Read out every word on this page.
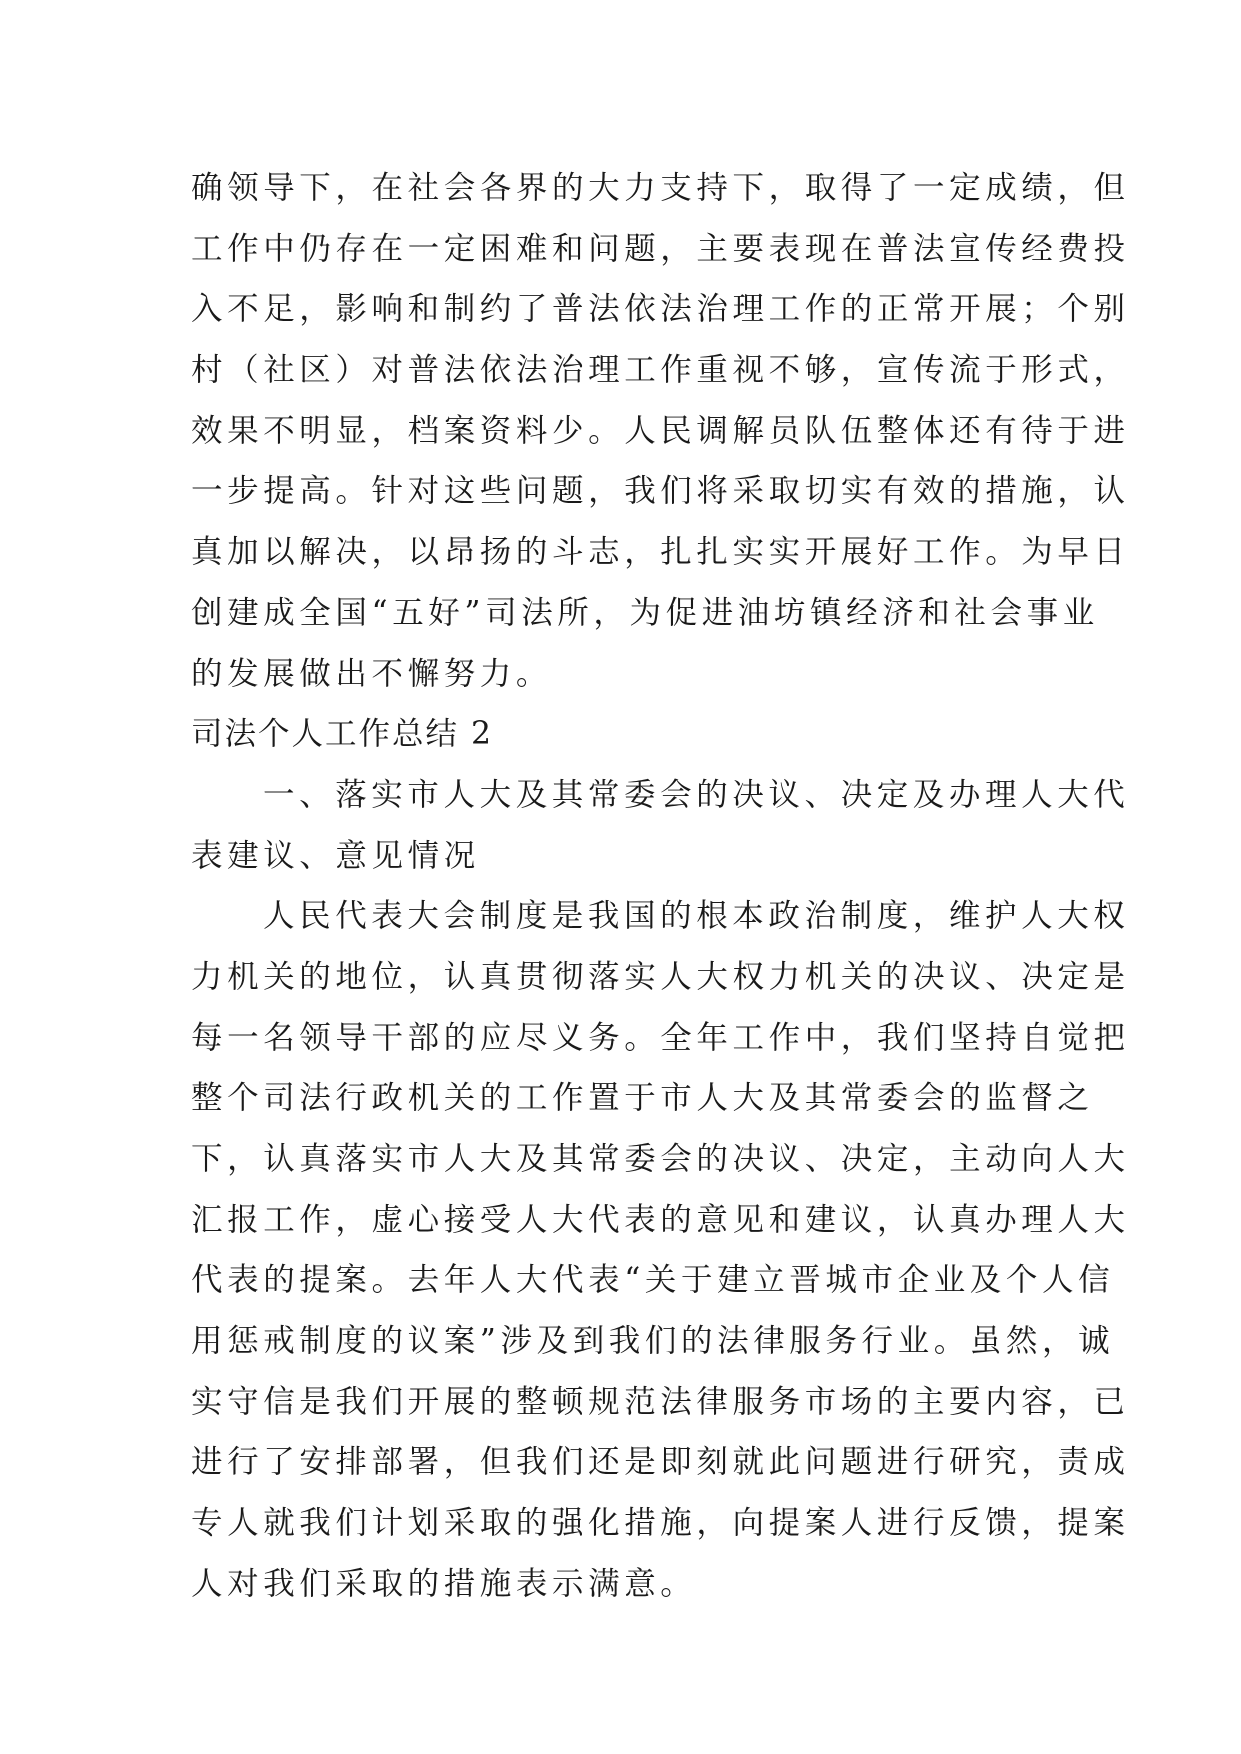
确领导下，在社会各界的大力支持下，取得了一定成绩，但
工作中仍存在一定困难和问题，主要表现在普法宣传经费投
入不足，影响和制约了普法依法治理工作的正常开展；个别
村（社区）对普法依法治理工作重视不够，宣传流于形式，
效果不明显，档案资料少。人民调解员队伍整体还有待于进
一步提高。针对这些问题，我们将采取切实有效的措施，认
真加以解决，以昂扬的斗志，扎扎实实开展好工作。为早日
创建成全国“五好”司法所，为促进油坊镇经济和社会事业
的发展做出不懈努力。
司法个人工作总结 2
一、落实市人大及其常委会的决议、决定及办理人大代
表建议、意见情况
人民代表大会制度是我国的根本政治制度，维护人大权
力机关的地位，认真贯彻落实人大权力机关的决议、决定是
每一名领导干部的应尽义务。全年工作中，我们坚持自觉把
整个司法行政机关的工作置于市人大及其常委会的监督之
下，认真落实市人大及其常委会的决议、决定，主动向人大
汇报工作，虚心接受人大代表的意见和建议，认真办理人大
代表的提案。去年人大代表“关于建立晋城市企业及个人信
用惩戒制度的议案”涉及到我们的法律服务行业。虽然，诚
实守信是我们开展的整顿规范法律服务市场的主要内容，已
进行了安排部署，但我们还是即刻就此问题进行研究，责成
专人就我们计划采取的强化措施，向提案人进行反馈，提案
人对我们采取的措施表示满意。
